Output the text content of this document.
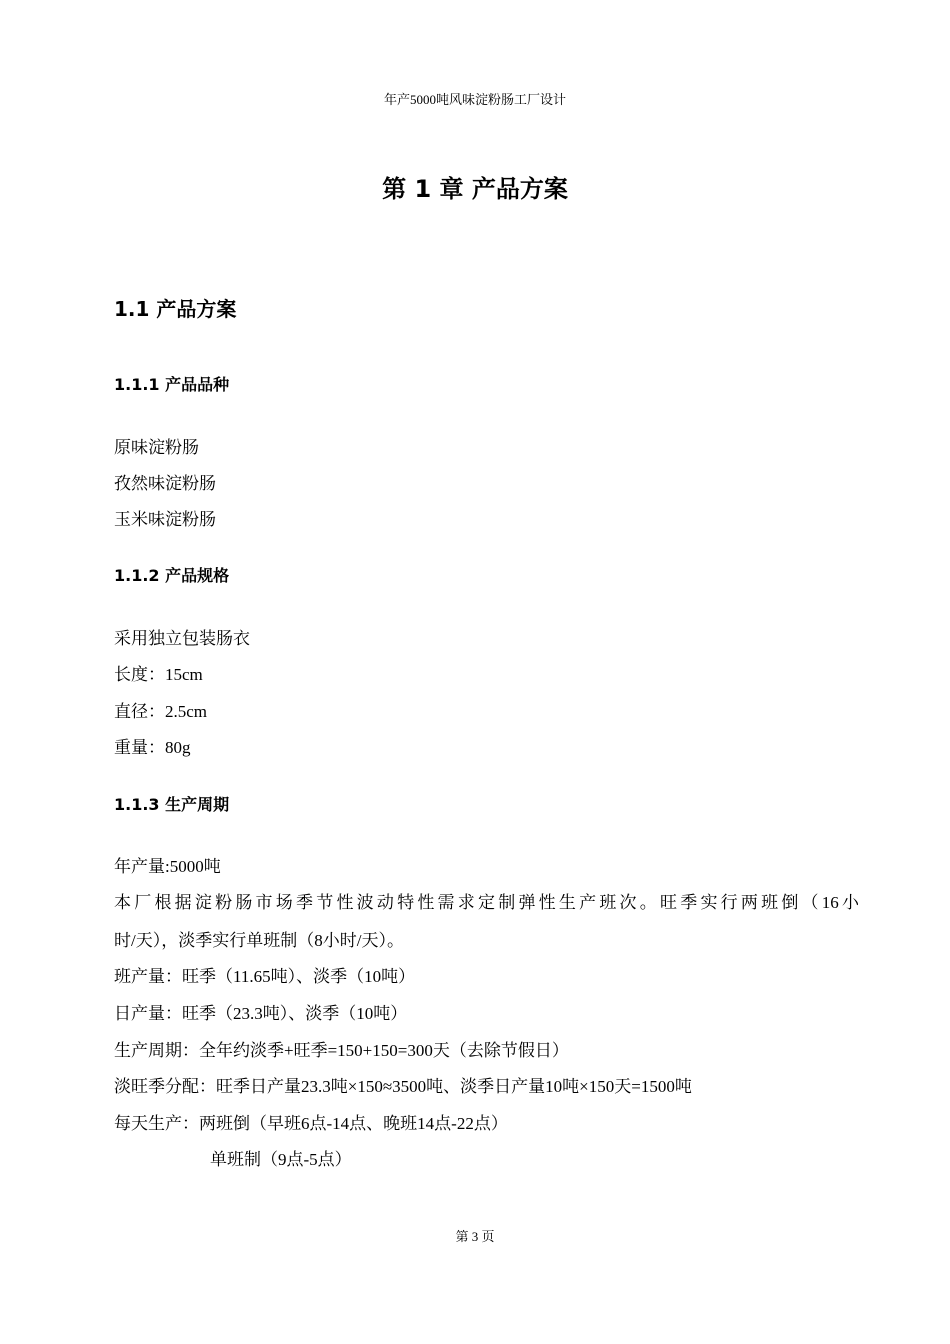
年产5000吨风味淀粉肠工厂设计
第 1 章 产品方案
1.1 产品方案
1.1.1 产品品种
原味淀粉肠
孜然味淀粉肠
玉米味淀粉肠
1.1.2 产品规格
采用独立包装肠衣
长度：15cm
直径：2.5cm
重量：80g
1.1.3 生产周期
年产量:5000吨
本厂根据淀粉肠市场季节性波动特性需求定制弹性生产班次。旺季实行两班倒（16小
时/天），淡季实行单班制（8小时/天）。
班产量：旺季（11.65吨）、淡季（10吨）
日产量：旺季（23.3吨）、淡季（10吨）
生产周期：全年约淡季+旺季=150+150=300天（去除节假日）
淡旺季分配：旺季日产量23.3吨×150≈3500吨、淡季日产量10吨×150天=1500吨
每天生产：两班倒（早班6点-14点、晚班14点-22点）
单班制（9点-5点）
第 3 页
